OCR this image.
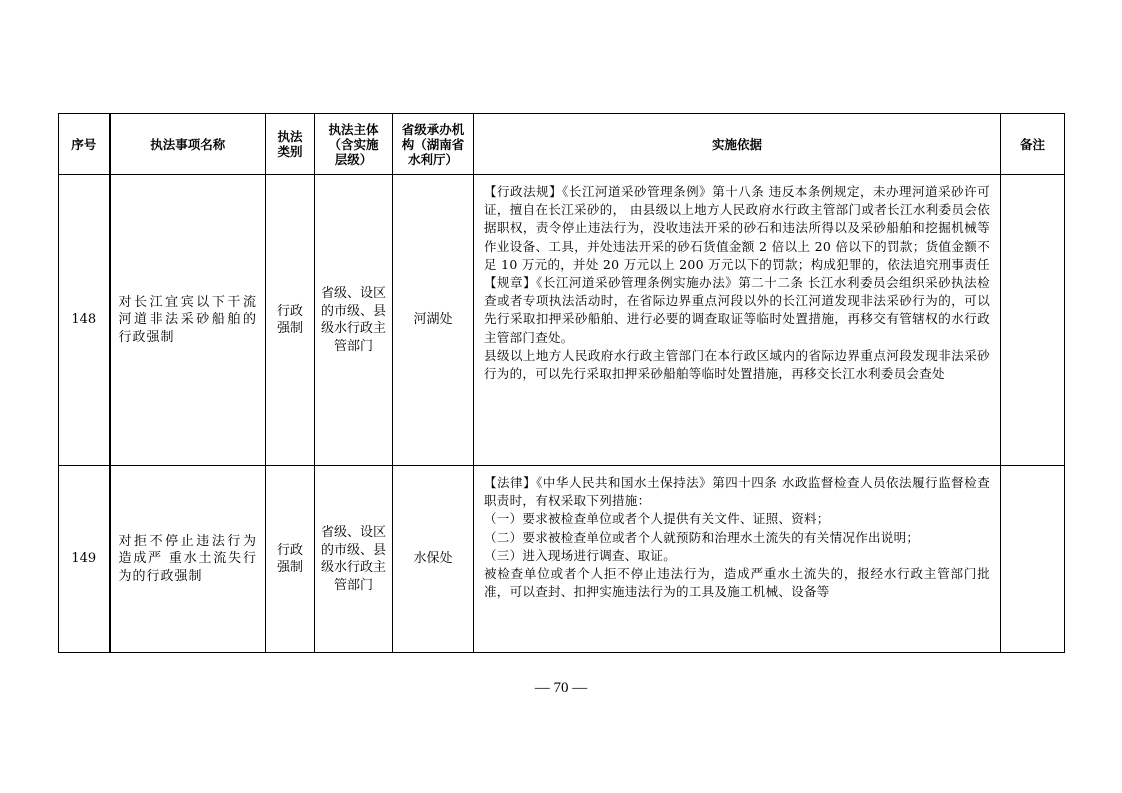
序号	执法事项名称	执法类别	执法主体（含实施层级）	省级承办机构（湖南省水利厅）	实施依据	备注
148	对长江宜宾以下干流河道非法采砂船舶的行政强制	行政强制	省级、设区的市级、县级水行政主管部门	河湖处	【行政法规】《长江河道采砂管理条例》第十八条 违反本条例规定，未办理河道采砂许可证，擅自在长江采砂的， 由县级以上地方人民政府水行政主管部门或者长江水利委员会依据职权，责令停止违法行为，没收违法开采的砂石和违法所得以及采砂船舶和挖掘机械等作业设备、工具，并处违法开采的砂石货值金额 2 倍以上 20 倍以下的罚款；货值金额不足 10 万元的，并处 20 万元以上 200 万元以下的罚款；构成犯罪的，依法追究刑事责任

【规章】《长江河道采砂管理条例实施办法》第二十二条 长江水利委员会组织采砂执法检查或者专项执法活动时，在省际边界重点河段以外的长江河道发现非法采砂行为的，可以先行采取扣押采砂船舶、进行必要的调查取证等临时处置措施，再移交有管辖权的水行政主管部门查处。

县级以上地方人民政府水行政主管部门在本行政区域内的省际边界重点河段发现非法采砂行为的，可以先行采取扣押采砂船舶等临时处置措施，再移交长江水利委员会查处	

149	对拒不停止违法行为造成严 重水土流失行为的行政强制	行政强制	省级、设区的市级、县级水行政主管部门	水保处	【法律】《中华人民共和国水土保持法》第四十四条 水政监督检查人员依法履行监督检查职责时，有权采取下列措施：

（一）要求被检查单位或者个人提供有关文件、证照、资料；

（二）要求被检查单位或者个人就预防和治理水土流失的有关情况作出说明；

（三）进入现场进行调查、取证。

被检查单位或者个人拒不停止违法行为，造成严重水土流失的，报经水行政主管部门批准，可以查封、扣押实施违法行为的工具及施工机械、设备等	

— 70 —
